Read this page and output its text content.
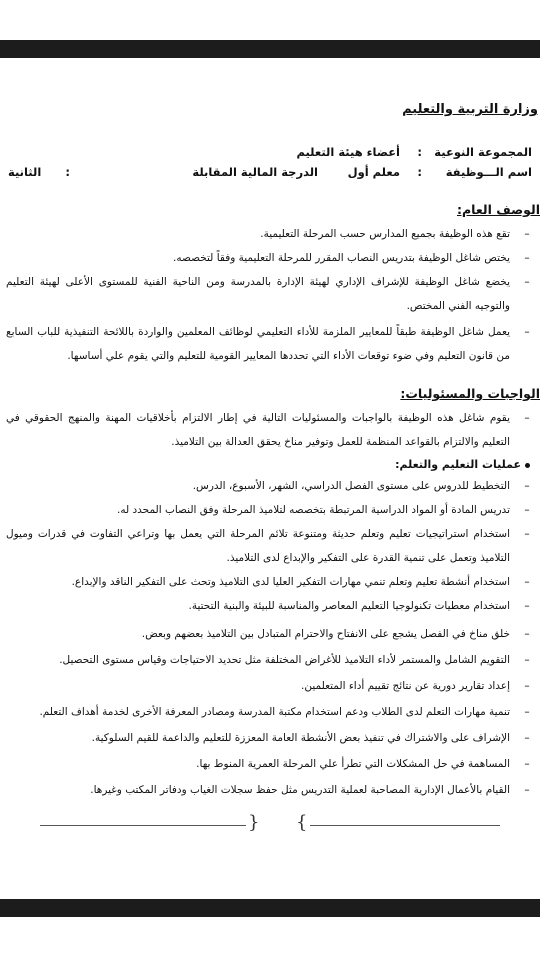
وزارة التربية والتعليم
المجموعة النوعية
:
أعضاء هيئة التعليم
اسم الـــوظيفة
:
معلم أول
الدرجة المالية المقابلة
:
الثانية
الوصف العام:
–
تقع هذه الوظيفة بجميع المدارس حسب المرحلة التعليمية.
–
يختص شاغل الوظيفة بتدريس النصاب المقرر للمرحلة التعليمية وفقاً لتخصصه.
–
يخضع شاغل الوظيفة للإشراف الإداري لهيئة الإدارة بالمدرسة ومن الناحية الفنية للمستوى الأعلى لهيئة التعليم والتوجيه الفني المختص.
–
يعمل شاغل الوظيفة طبقاً للمعايير الملزمة للأداء التعليمي لوظائف المعلمين والواردة باللائحة التنفيذية للباب السابع من قانون التعليم وفي ضوء توقعات الأداء التي تحددها المعايير القومية للتعليم والتي يقوم علي أساسها.
الواجبات والمسئوليات:
–
يقوم شاغل هذه الوظيفة بالواجبات والمسئوليات التالية في إطار الالتزام بأخلاقيات المهنة والمنهج الحقوقي في التعليم والالتزام بالقواعد المنظمة للعمل وتوفير مناخ يحقق العدالة بين التلاميذ.
عمليات التعليم والتعلم:
–
التخطيط للدروس على مستوى الفصل الدراسي، الشهر، الأسبوع، الدرس.
–
تدريس المادة أو المواد الدراسية المرتبطة بتخصصه لتلاميذ المرحلة وفق النصاب المحدد له.
–
استخدام استراتيجيات تعليم وتعلم حديثة ومتنوعة تلائم المرحلة التي يعمل بها وتراعي التفاوت في قدرات وميول التلاميذ وتعمل على تنمية القدرة على التفكير والإبداع لدى التلاميذ.
–
استخدام أنشطة تعليم وتعلم تنمي مهارات التفكير العليا لدى التلاميذ وتحث على التفكير الناقد والإبداع.
–
استخدام معطيات تكنولوجيا التعليم المعاصر والمناسبة للبيئة والبنية التحتية.
–
خلق مناخ في الفصل يشجع على الانفتاح والاحترام المتبادل بين التلاميذ بعضهم وبعض.
–
التقويم الشامل والمستمر لأداء التلاميذ للأغراض المختلفة مثل تحديد الاحتياجات وقياس مستوى التحصيل.
–
إعداد تقارير دورية عن نتائج تقييم أداء المتعلمين.
–
تنمية مهارات التعلم لدى الطلاب ودعم استخدام مكتبة المدرسة ومصادر المعرفة الأخرى لخدمة أهداف التعلم.
–
الإشراف على والاشتراك في تنفيذ بعض الأنشطة العامة المعززة للتعليم والداعمة للقيم السلوكية.
–
المساهمة في حل المشكلات التي تطرأ علي المرحلة العمرية المنوط بها.
–
القيام بالأعمال الإدارية المصاحبة لعملية التدريس مثل حفظ سجلات الغياب ودفاتر المكتب وغيرها.
{ }
